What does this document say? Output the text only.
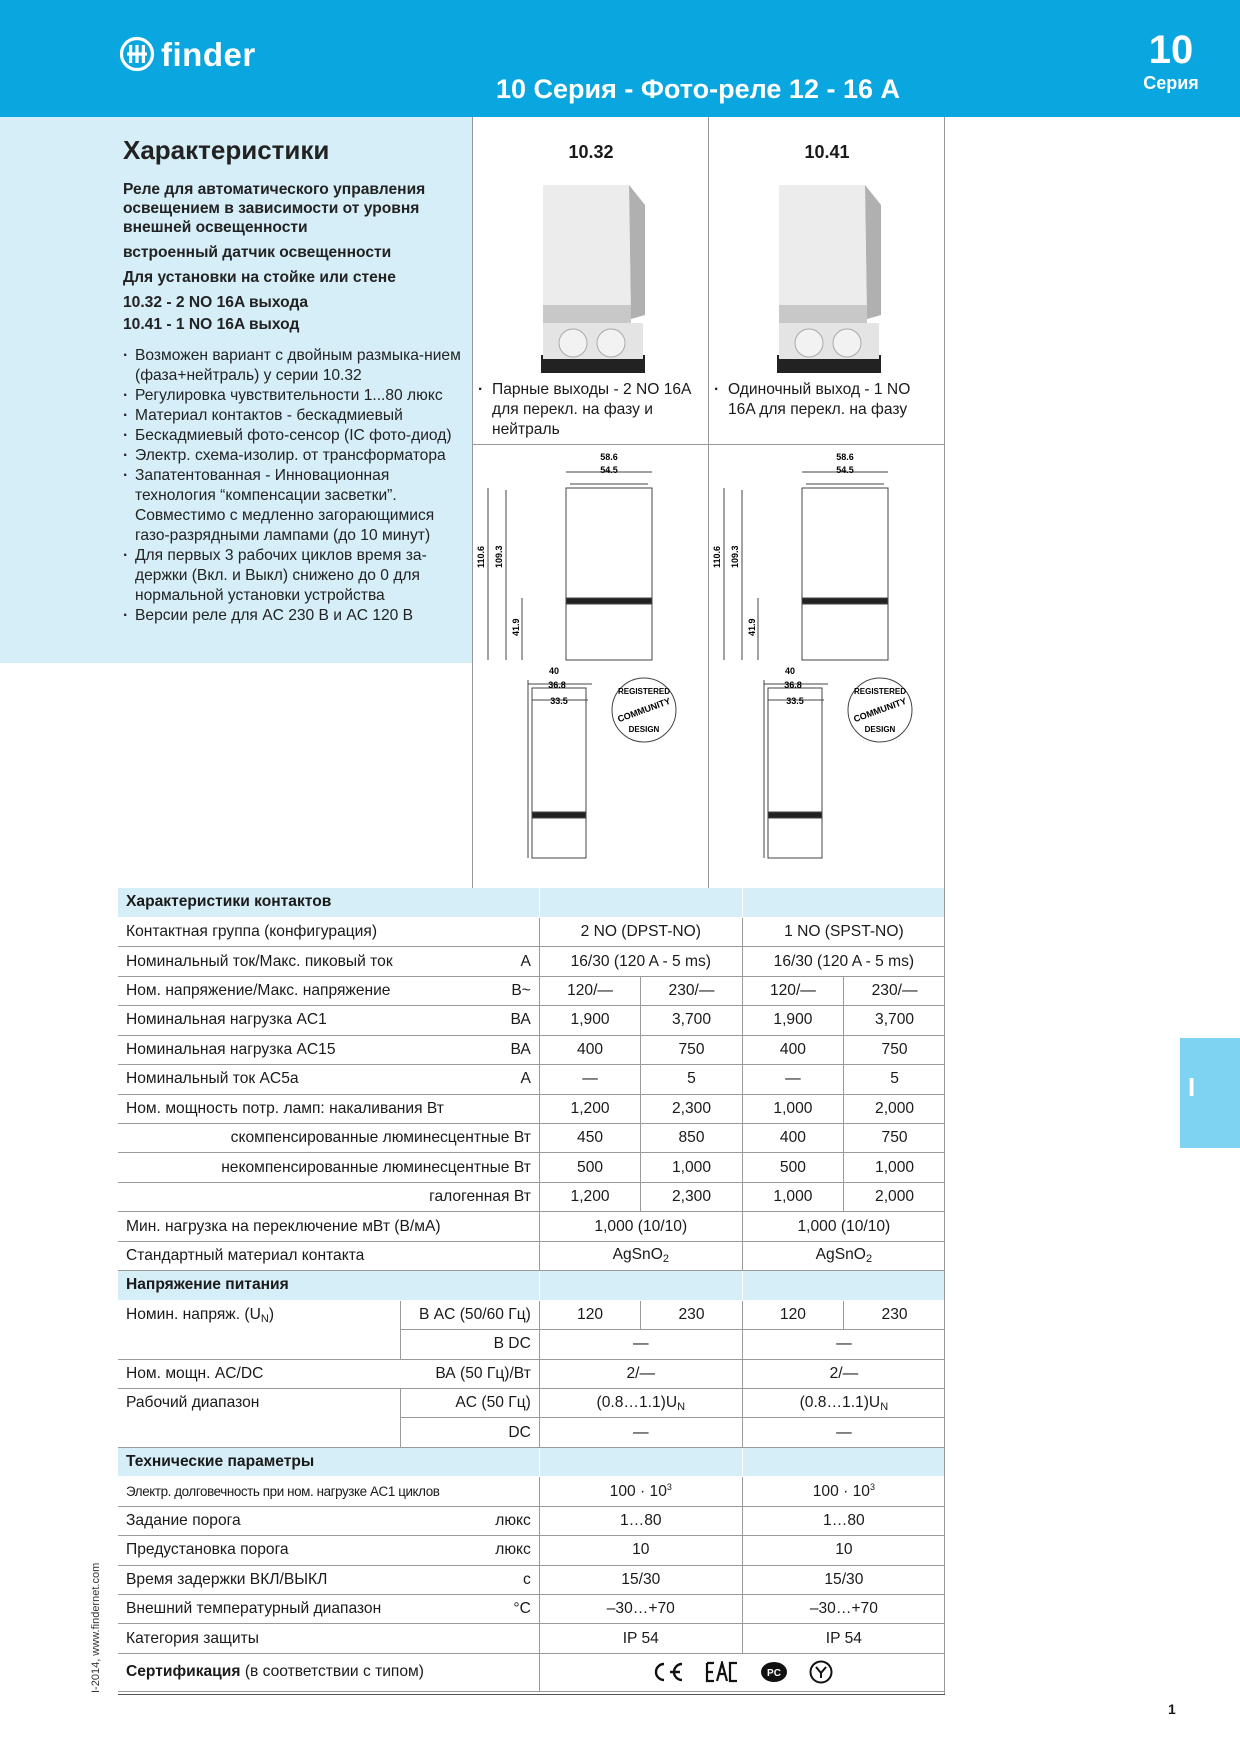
finder
10 Серия - Фото-реле 12 - 16 А
10
Серия
Характеристики
Реле для автоматического управления освещением в зависимости от уровня внешней освещенности
встроенный датчик освещенности
Для установки на стойке или стене
10.32 - 2 NO 16A выхода
10.41 - 1 NO 16A выход
· Возможен вариант с двойным размыка-нием (фаза+нейтраль) у серии 10.32
· Регулировка чувствительности 1...80 люкс
· Материал контактов - бескадмиевый
· Бескадмиевый фото-сенсор (IC фото-диод)
· Электр. схема-изолир. от трансформатора
· Запатентованная - Инновационная технология “компенсации засветки”. Совместимо с медленно загорающимися газо-разрядными лампами (до 10 минут)
· Для первых 3 рабочих циклов время за-держки (Вкл. и Выкл) снижено до 0 для нормальной установки устройства
· Версии реле для AC 230 В и AC 120 В
10.32	10.41
· Парные выходы - 2 NO 16A для перекл. на фазу и нейтраль
· Одиночный выход - 1 NO 16A для перекл. на фазу
58.6
54.5
110.6 109.3
41.9
40
36.8
33.5
REGISTERED
COMMUNITY
DESIGN
58.6
54.5
110.6 109.3
41.9
40
36.8
33.5
REGISTERED
COMMUNITY
DESIGN
Характеристики контактов					
Контактная группа (конфигурация)		2 NO (DPST-NO)		1 NO (SPST-NO)	
Номинальный ток/Макс. пиковый ток	A	16/30 (120 A - 5 ms)		16/30 (120 A - 5 ms)	
Ном. напряжение/Макс. напряжение	В~	120/—	230/—	120/—	230/—
Номинальная нагрузка AC1	ВА	1,900	3,700	1,900	3,700
Номинальная нагрузка AC15	ВА	400	750	400	750
Номинальный ток AC5a	A	—	5	—	5
Ном. мощность потр. ламп: накаливания Вт		1,200	2,300	1,000	2,000
скомпенсированные люминесцентные Вт		450	850	400	750
некомпенсированные люминесцентные Вт		500	1,000	500	1,000
галогенная Вт		1,200	2,300	1,000	2,000
Мин. нагрузка на переключение мВт (В/мA)		1,000 (10/10)		1,000 (10/10)	
Стандартный материал контакта		AgSnO$_2$		AgSnO$_2$
Напряжение питания					
Номин. напряж. $(U_N)$	В AC (50/60 Гц)	120	230	120	230
	В DC	—		—	
Ном. мощн. AC/DC	ВА (50 Гц)/Вт	2/—		2/—	
Рабочий диапазон	AC (50 Гц)	$(0.8\dots 1.1)U_N$		$(0.8\dots 1.1)U_N$
	DC	—		—	
Технические параметры					
Электр. долговечность при ном. нагрузке AC1 циклов		$100 \cdot 10^3$		$100 \cdot 10^3$
Задание порога	люкс	1…80		1…80	
Предустановка порога	люкс	10		10	
Время задержки ВКЛ/ВЫКЛ	с	15/30		15/30	
Внешний температурный диапазон	°C	–30…+70		–30…+70	
Категория защиты		IP 54		IP 54	
Сертификация (в соответствии с типом)		PC			
I
I-2014, www.findernet.com
1
